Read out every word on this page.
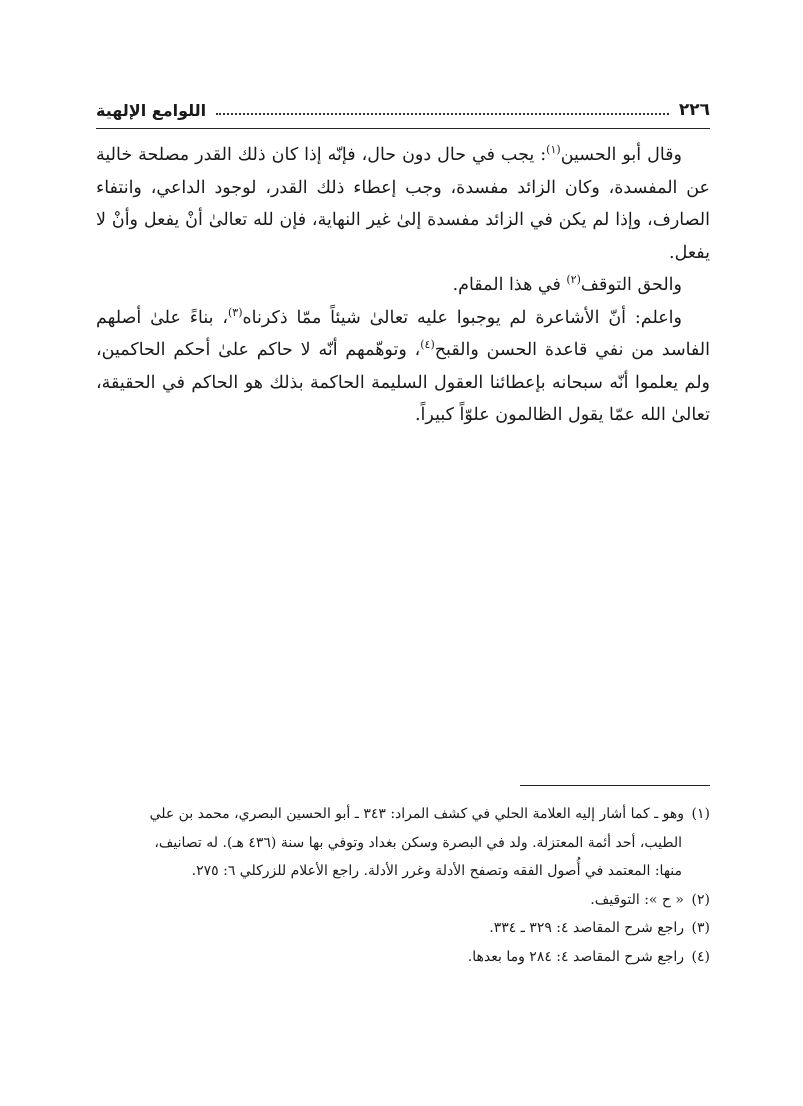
٢٢٦
اللوامع الإلهية

وقال أبو الحسين$^{(١)}$: يجب في حال دون حال، فإنّه إذا كان ذلك القدر مصلحة خالية عن المفسدة، وكان الزائد مفسدة، وجب إعطاء ذلك القدر، لوجود الداعي، وانتفاء الصارف، وإذا لم يكن في الزائد مفسدة إلىٰ غير النهاية، فإن لله تعالىٰ أنْ يفعل وأنْ لا يفعل.

والحق التوقف$^{(٢)}$ في هذا المقام.

واعلم: أنّ الأشاعرة لم يوجبوا عليه تعالىٰ شيئاً ممّا ذكرناه$^{(٣)}$، بناءً علىٰ أصلهم الفاسد من نفي قاعدة الحسن والقبح$^{(٤)}$، وتوهّمهم أنّه لا حاكم علىٰ أحكم الحاكمين، ولم يعلموا أنّه سبحانه بإعطائنا العقول السليمة الحاكمة بذلك هو الحاكم في الحقيقة، تعالىٰ الله عمّا يقول الظالمون علوّاً كبيراً.

(١)وهو ـ كما أشار إليه العلامة الحلي في كشف المراد: ٣٤٣ ـ أبو الحسين البصري، محمد بن علي

الطيب، أحد أئمة المعتزلة. ولد في البصرة وسكن بغداد وتوفي بها سنة (٤٣٦ هـ). له تصانيف،

منها: المعتمد في أُصول الفقه وتصفح الأدلة وغرر الأدلة. راجع الأعلام للزركلي ٦: ٢٧٥.

(٢)« ح »: التوقيف.

(٣)راجع شرح المقاصد ٤: ٣٢٩ ـ ٣٣٤.

(٤)راجع شرح المقاصد ٤: ٢٨٤ وما بعدها.
